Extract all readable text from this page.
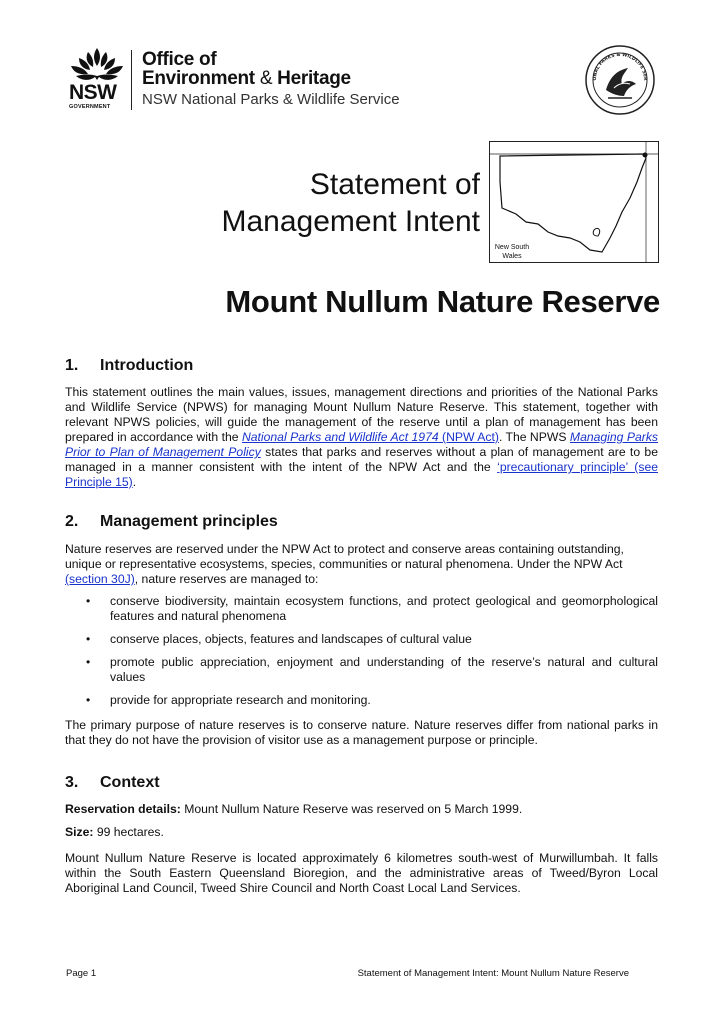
NSW
GOVERNMENT
Office of
Environment & Heritage
NSW National Parks & Wildlife Service
ONAL PARKS & WILDLIFE SER
New South Wales
Statement of
Management Intent
Mount Nullum Nature Reserve
1. Introduction

This statement outlines the main values, issues, management directions and priorities of the National Parks and Wildlife Service (NPWS) for managing Mount Nullum Nature Reserve. This statement, together with relevant NPWS policies, will guide the management of the reserve until a plan of management has been prepared in accordance with the National Parks and Wildlife Act 1974 (NPW Act). The NPWS Managing Parks Prior to Plan of Management Policy states that parks and reserves without a plan of management are to be managed in a manner consistent with the intent of the NPW Act and the ‘precautionary principle’ (see Principle 15).

2. Management principles

Nature reserves are reserved under the NPW Act to protect and conserve areas containing outstanding, unique or representative ecosystems, species, communities or natural phenomena. Under the NPW Act (section 30J), nature reserves are managed to:

• conserve biodiversity, maintain ecosystem functions, and protect geological and geomorphological features and natural phenomena
• conserve places, objects, features and landscapes of cultural value
• promote public appreciation, enjoyment and understanding of the reserve’s natural and cultural values
• provide for appropriate research and monitoring.

The primary purpose of nature reserves is to conserve nature. Nature reserves differ from national parks in that they do not have the provision of visitor use as a management purpose or principle.

3. Context

Reservation details: Mount Nullum Nature Reserve was reserved on 5 March 1999.

Size: 99 hectares.

Mount Nullum Nature Reserve is located approximately 6 kilometres south-west of Murwillumbah. It falls within the South Eastern Queensland Bioregion, and the administrative areas of Tweed/Byron Local Aboriginal Land Council, Tweed Shire Council and North Coast Local Land Services.

Page 1	Statement of Management Intent: Mount Nullum Nature Reserve
